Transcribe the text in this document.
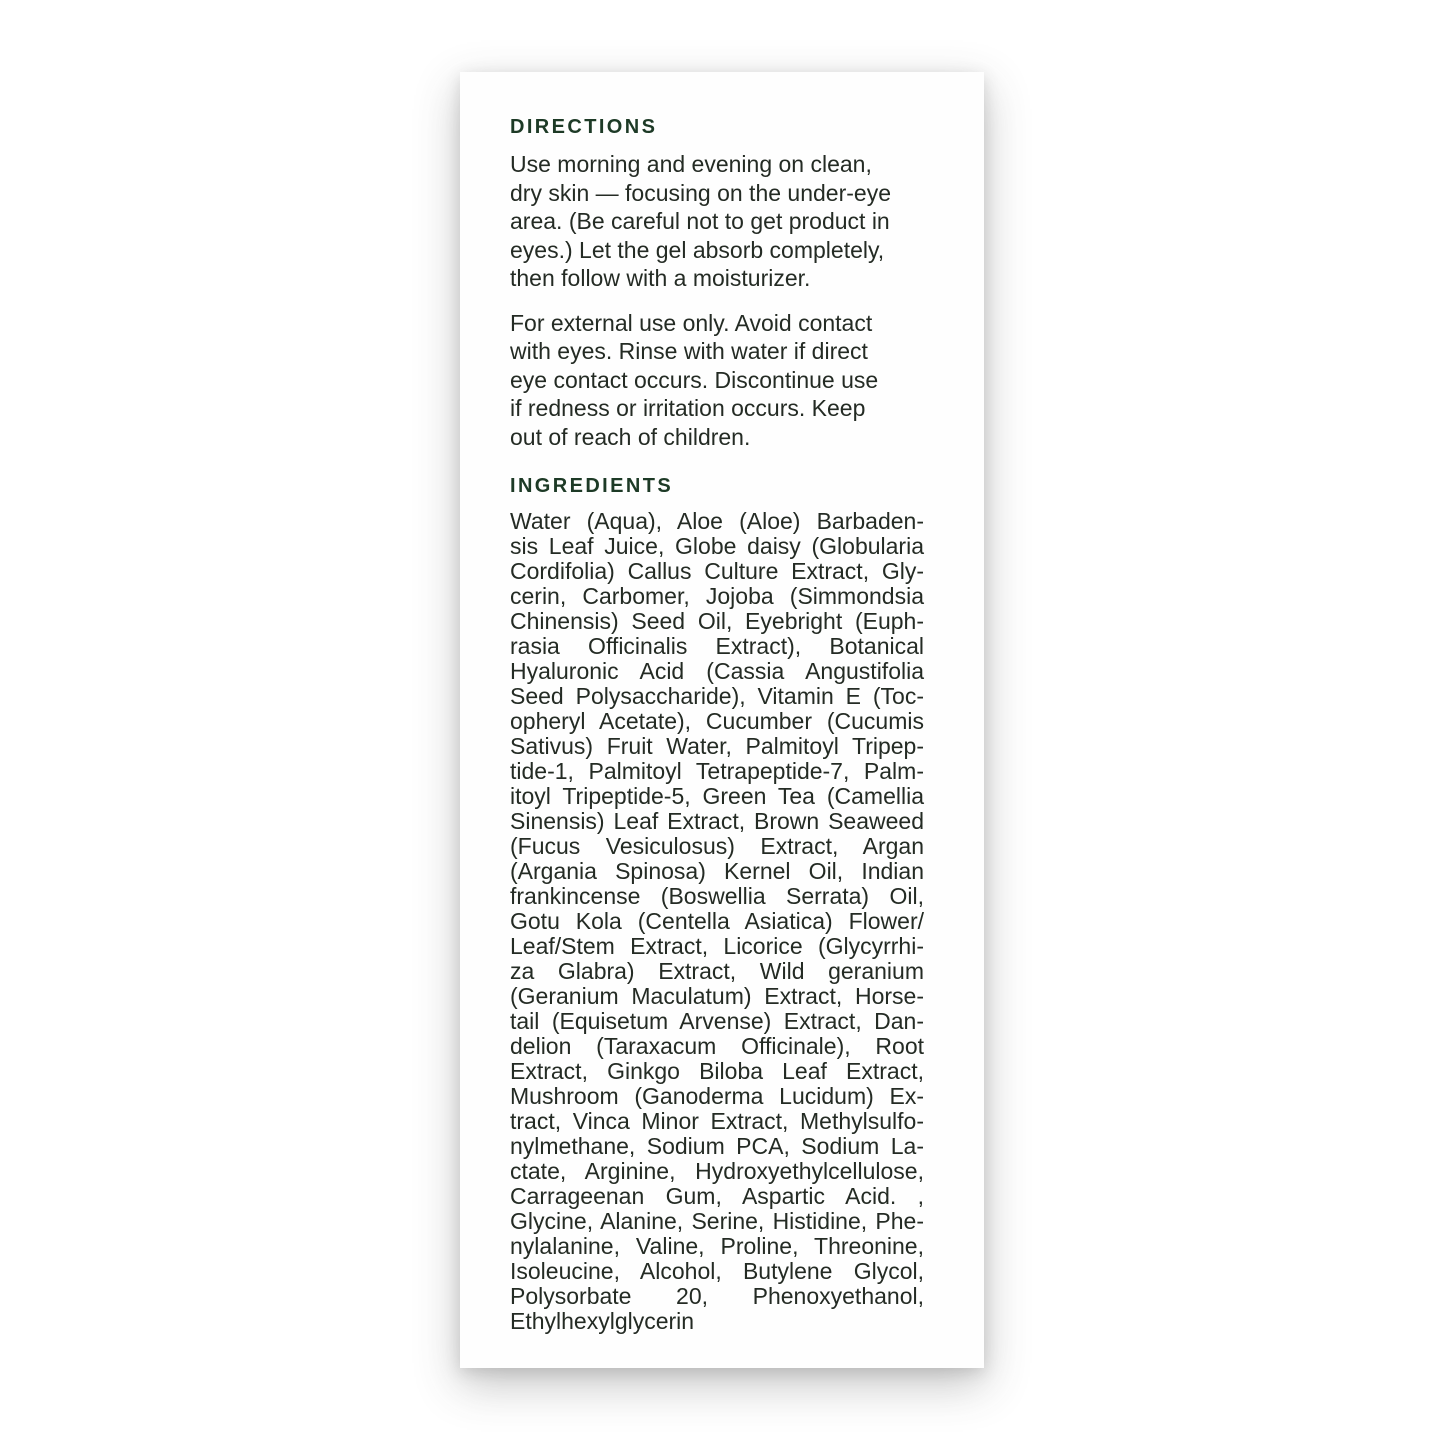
DIRECTIONS
Use morning and evening on clean,
dry skin — focusing on the under-eye
area. (Be careful not to get product in
eyes.) Let the gel absorb completely,
then follow with a moisturizer.
For external use only. Avoid contact
with eyes. Rinse with water if direct
eye contact occurs. Discontinue use
if redness or irritation occurs. Keep
out of reach of children.
INGREDIENTS
Water (Aqua), Aloe (Aloe) Barbaden-
sis Leaf Juice, Globe daisy (Globularia
Cordifolia) Callus Culture Extract, Gly-
cerin, Carbomer, Jojoba (Simmondsia
Chinensis) Seed Oil, Eyebright (Euph-
rasia Officinalis Extract), Botanical
Hyaluronic Acid (Cassia Angustifolia
Seed Polysaccharide), Vitamin E (Toc-
opheryl Acetate), Cucumber (Cucumis
Sativus) Fruit Water, Palmitoyl Tripep-
tide-1, Palmitoyl Tetrapeptide-7, Palm-
itoyl Tripeptide-5, Green Tea (Camellia
Sinensis) Leaf Extract, Brown Seaweed
(Fucus Vesiculosus) Extract, Argan
(Argania Spinosa) Kernel Oil, Indian
frankincense (Boswellia Serrata) Oil,
Gotu Kola (Centella Asiatica) Flower/
Leaf/Stem Extract, Licorice (Glycyrrhi-
za Glabra) Extract, Wild geranium
(Geranium Maculatum) Extract, Horse-
tail (Equisetum Arvense) Extract, Dan-
delion (Taraxacum Officinale), Root
Extract, Ginkgo Biloba Leaf Extract,
Mushroom (Ganoderma Lucidum) Ex-
tract, Vinca Minor Extract, Methylsulfo-
nylmethane, Sodium PCA, Sodium La-
ctate, Arginine, Hydroxyethylcellulose,
Carrageenan Gum, Aspartic Acid. ,
Glycine, Alanine, Serine, Histidine, Phe-
nylalanine, Valine, Proline, Threonine,
Isoleucine, Alcohol, Butylene Glycol,
Polysorbate 20, Phenoxyethanol,
Ethylhexylglycerin
